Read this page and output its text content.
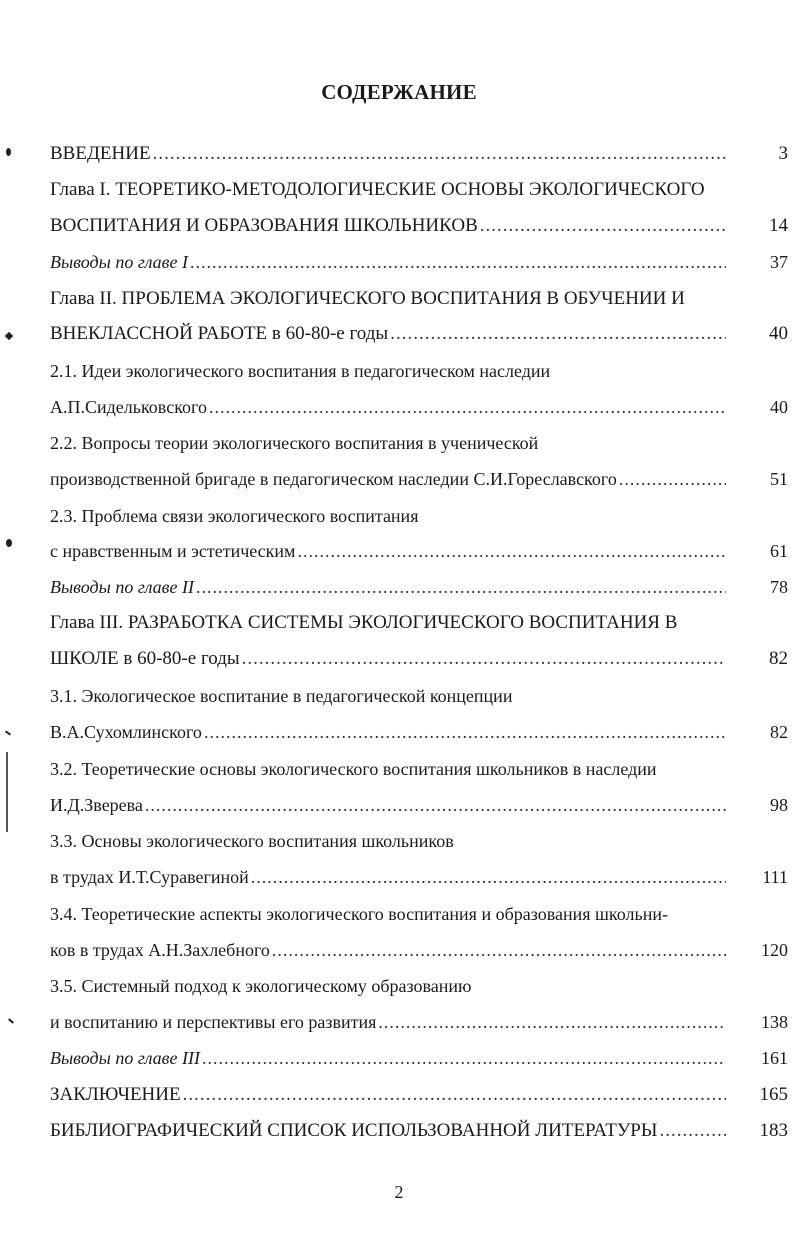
СОДЕРЖАНИЕ
ВВЕДЕНИЕ .....	3
Глава I. ТЕОРЕТИКО-МЕТОДОЛОГИЧЕСКИЕ ОСНОВЫ ЭКОЛОГИЧЕСКОГО
ВОСПИТАНИЯ И ОБРАЗОВАНИЯ ШКОЛЬНИКОВ .....	14
Выводы по главе I .....	37
Глава II. ПРОБЛЕМА ЭКОЛОГИЧЕСКОГО ВОСПИТАНИЯ В ОБУЧЕНИИ И
ВНЕКЛАССНОЙ РАБОТЕ в 60-80-е годы .....	40
2.1. Идеи экологического воспитания в педагогическом наследии
А.П.Сидельковского .....	40
2.2. Вопросы теории экологического воспитания в ученической
производственной бригаде в педагогическом наследии С.И.Гореславского .....	51
2.3. Проблема связи экологического воспитания
с нравственным и эстетическим .....	61
Выводы по главе II .....	78
Глава III. РАЗРАБОТКА СИСТЕМЫ ЭКОЛОГИЧЕСКОГО ВОСПИТАНИЯ В
ШКОЛЕ в 60-80-е годы .....	82
3.1. Экологическое воспитание в педагогической концепции
В.А.Сухомлинского .....	82
3.2. Теоретические основы экологического воспитания школьников в наследии
И.Д.Зверева .....	98
3.3. Основы экологического воспитания школьников
в трудах И.Т.Суравегиной .....	111
3.4. Теоретические аспекты экологического воспитания и образования школьни-
ков в трудах А.Н.Захлебного .....	120
3.5. Системный подход к экологическому образованию
и воспитанию и перспективы его развития .....	138
Выводы по главе III .....	161
ЗАКЛЮЧЕНИЕ .....	165
БИБЛИОГРАФИЧЕСКИЙ СПИСОК ИСПОЛЬЗОВАННОЙ ЛИТЕРАТУРЫ .....	183
2
